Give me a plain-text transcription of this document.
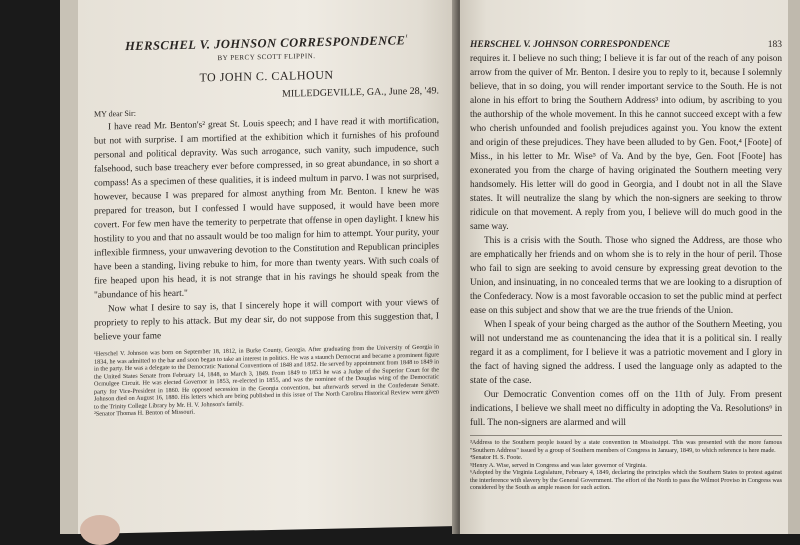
HERSCHEL V. JOHNSON $CORRESPONDENCE^{^1}$
BY PERCY SCOTT FLIPPIN.
TO JOHN C. CALHOUN
MILLEDGEVILLE, GA., June 28, '49.
MY dear Sir:

I have read Mr. Benton's² great St. Louis speech; and I have read it with mortification, but not with surprise. I am mortified at the exhibition which it furnishes of his profound personal and political depravity. Was such arrogance, such vanity, such impudence, such falsehood, such base treachery ever before compressed, in so great abundance, in so short a compass! As a specimen of these qualities, it is indeed multum in parvo. I was not surprised, however, because I was prepared for almost anything from Mr. Benton. I knew he was prepared for treason, but I confessed I would have supposed, it would have been more covert. For few men have the temerity to perpetrate that offense in open daylight. I knew his hostility to you and that no assault would be too malign for him to attempt. Your purity, your inflexible firmness, your unwavering devotion to the Constitution and Republican principles have been a standing, living rebuke to him, for more than twenty years. With such coals of fire heaped upon his head, it is not strange that in his ravings he should speak from the "abundance of his heart."

Now what I desire to say is, that I sincerely hope it will comport with your views of propriety to reply to his attack. But my dear sir, do not suppose from this suggestion that, I believe your fame

¹Herschel V. Johnson was born on September 18, 1812, in Burke County, Georgia. After graduating from the University of Georgia in 1834, he was admitted to the bar and soon began to take an interest in politics. He was a staunch Democrat and became a prominent figure in the party. He was a delegate to the Democratic National Conventions of 1848 and 1852. He served by appointment from 1848 to 1849 in the United States Senate from February 14, 1848, to March 3, 1849. From 1849 to 1853 he was a Judge of the Superior Court for the Ocmulgee Circuit. He was elected Governor in 1853, re-elected in 1855, and was the nominee of the Douglas wing of the Democratic party for Vice-President in 1860. He opposed secession in the Georgia convention, but afterwards served in the Confederate Senate. Johnson died on August 16, 1880. His letters which are being published in this issue of The North Carolina Historical Review were given to the Trinity College Library by Mr. H. V. Johnson's family.
²Senator Thomas H. Benton of Missouri.
HERSCHEL V. JOHNSON CORRESPONDENCE	183

requires it. I believe no such thing; I believe it is far out of the reach of any poison arrow from the quiver of Mr. Benton. I desire you to reply to it, because I solemnly believe, that in so doing, you will render important service to the South. He is not alone in his effort to bring the Southern Address³ into odium, by ascribing to you the authorship of the whole movement. In this he cannot succeed except with a few who cherish unfounded and foolish prejudices against you. You know the extent and origin of these prejudices. They have been alluded to by Gen. Foot,⁴ [Foote] of Miss., in his letter to Mr. Wise⁵ of Va. And by the bye, Gen. Foot [Foote] has exonerated you from the charge of having originated the Southern meeting very handsomely. His letter will do good in Georgia, and I doubt not in all the Slave states. It will neutralize the slang by which the non-signers are seeking to throw ridicule on that movement. A reply from you, I believe will do much good in the same way.

This is a crisis with the South. Those who signed the Address, are those who are emphatically her friends and on whom she is to rely in the hour of peril. Those who fail to sign are seeking to avoid censure by expressing great devotion to the Union, and insinuating, in no concealed terms that we are looking to a disruption of the Confederacy. Now is a most favorable occasion to set the public mind at perfect ease on this subject and show that we are the true friends of the Union.

When I speak of your being charged as the author of the Southern Meeting, you will not understand me as countenancing the idea that it is a political sin. I really regard it as a compliment, for I believe it was a patriotic movement and I glory in the fact of having signed the address. I used the language only as adapted to the state of the case.

Our Democratic Convention comes off on the 11th of July. From present indications, I believe we shall meet no difficulty in adopting the Va. Resolutions⁶ in full. The non-signers are alarmed and will

³Address to the Southern people issued by a state convention in Mississippi. This was presented with the more famous "Southern Address" issued by a group of Southern members of Congress in January, 1849, to which reference is here made.
⁴Senator H. S. Foote.
⁵Henry A. Wise, served in Congress and was later governor of Virginia.
⁶Adopted by the Virginia Legislature, February 4, 1849, declaring the principles which the Southern States to protest against the interference with slavery by the General Government. The effort of the North to pass the Wilmot Proviso in Congress was considered by the South as ample reason for such action.
